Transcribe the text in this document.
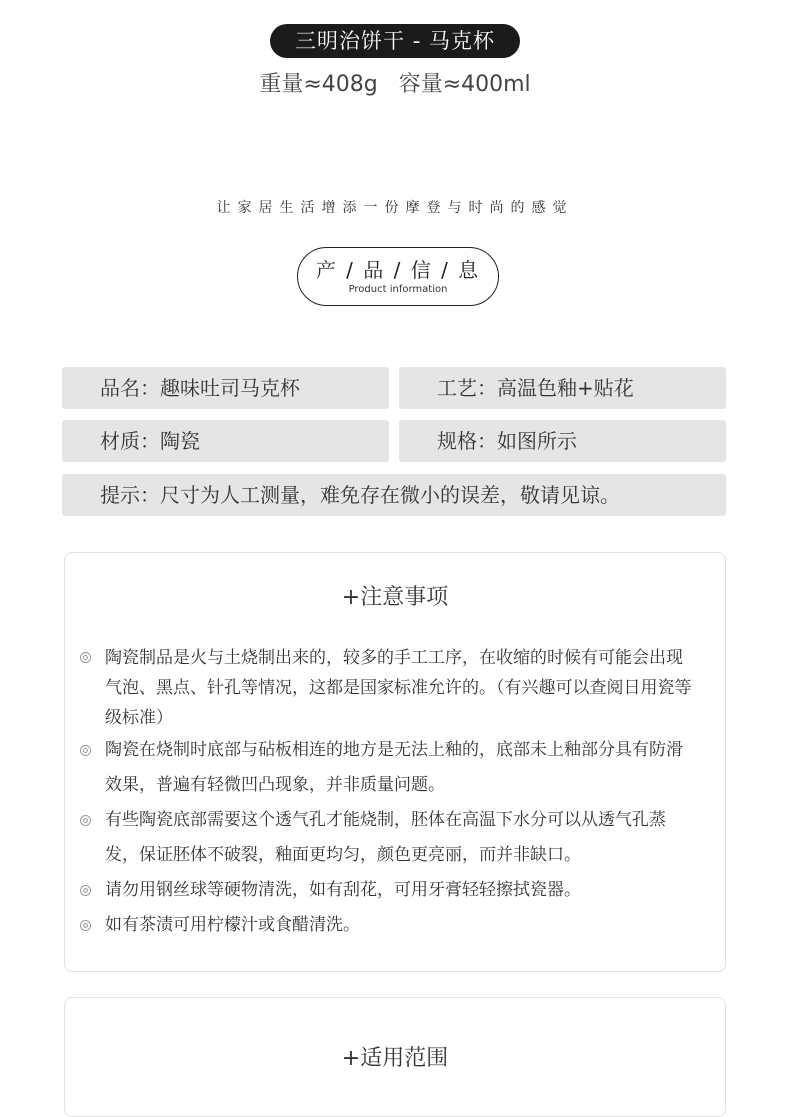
三明治饼干 - 马克杯
重量≈408g 容量≈400ml
让家居生活增添一份摩登与时尚的感觉
产 / 品 / 信 / 息
Product information
品名：趣味吐司马克杯	工艺：高温色釉+贴花
材质：陶瓷	规格：如图所示
提示：尺寸为人工测量，难免存在微小的误差，敬请见谅。
+注意事项
陶瓷制品是火与土烧制出来的，较多的手工工序，在收缩的时候有可能会出现气泡、黑点、针孔等情况，这都是国家标准允许的。（有兴趣可以查阅日用瓷等级标准）
陶瓷在烧制时底部与砧板相连的地方是无法上釉的，底部未上釉部分具有防滑效果，普遍有轻微凹凸现象，并非质量问题。
有些陶瓷底部需要这个透气孔才能烧制，胚体在高温下水分可以从透气孔蒸发，保证胚体不破裂，釉面更均匀，颜色更亮丽，而并非缺口。
请勿用钢丝球等硬物清洗，如有刮花，可用牙膏轻轻擦拭瓷器。
如有茶渍可用柠檬汁或食醋清洗。
+适用范围
